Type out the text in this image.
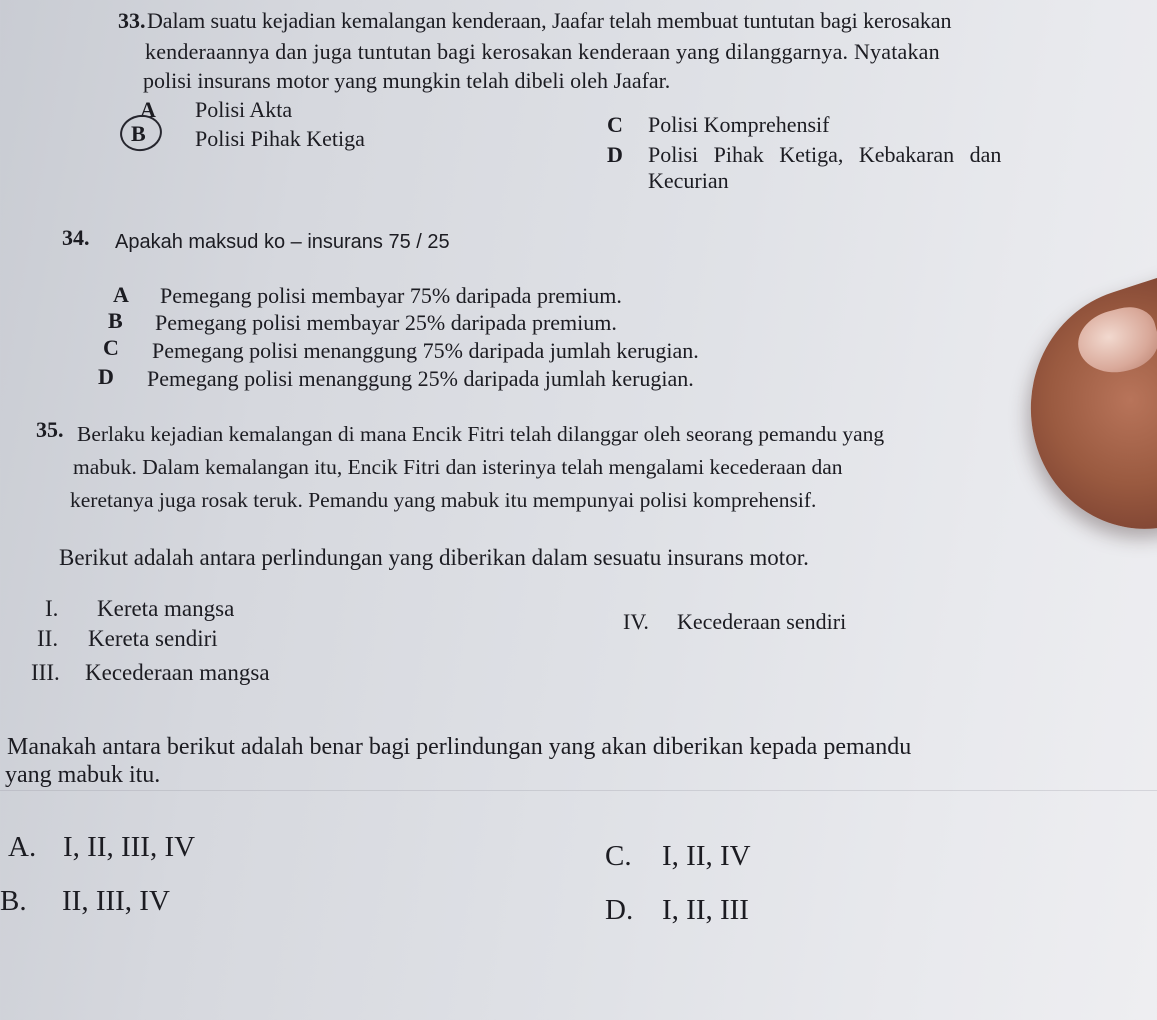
33. Dalam suatu kejadian kemalangan kenderaan, Jaafar telah membuat tuntutan bagi kerosakan
kenderaannya dan juga tuntutan bagi kerosakan kenderaan yang dilanggarnya. Nyatakan
polisi insurans motor yang mungkin telah dibeli oleh Jaafar.
A Polisi Akta
B Polisi Pihak Ketiga
C Polisi Komprehensif
D Polisi Pihak Ketiga, Kebakaran dan
Kecurian
34. Apakah maksud ko – insurans 75 / 25
A Pemegang polisi membayar 75% daripada premium.
B Pemegang polisi membayar 25% daripada premium.
C Pemegang polisi menanggung 75% daripada jumlah kerugian.
D Pemegang polisi menanggung 25% daripada jumlah kerugian.
35. Berlaku kejadian kemalangan di mana Encik Fitri telah dilanggar oleh seorang pemandu yang
mabuk. Dalam kemalangan itu, Encik Fitri dan isterinya telah mengalami kecederaan dan
keretanya juga rosak teruk. Pemandu yang mabuk itu mempunyai polisi komprehensif.
Berikut adalah antara perlindungan yang diberikan dalam sesuatu insurans motor.
I. Kereta mangsa
II. Kereta sendiri
III. Kecederaan mangsa
IV. Kecederaan sendiri
Manakah antara berikut adalah benar bagi perlindungan yang akan diberikan kepada pemandu
yang mabuk itu.
A. I, II, III, IV
B. II, III, IV
C. I, II, IV
D. I, II, III
